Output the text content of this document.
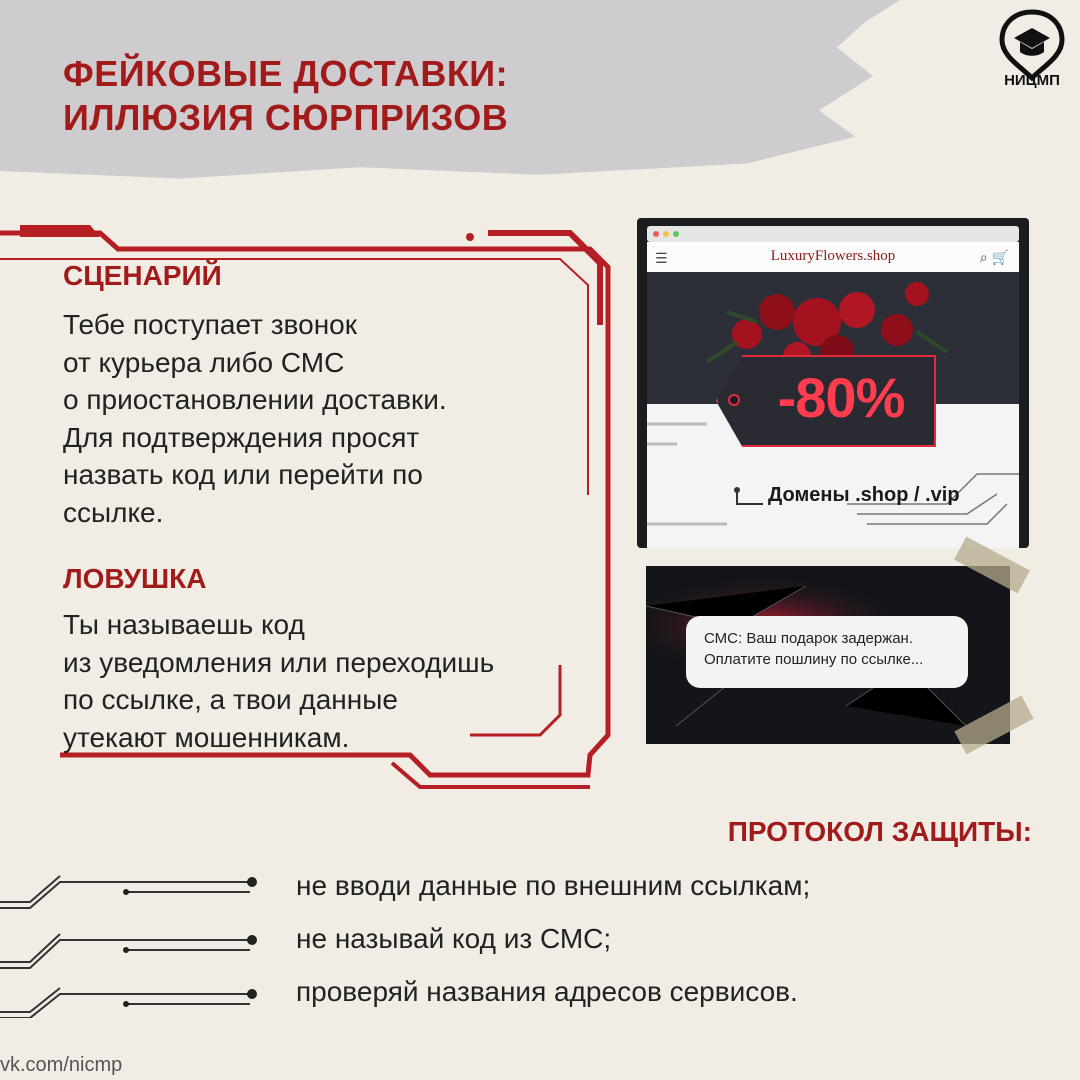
ФЕЙКОВЫЕ ДОСТАВКИ:
ИЛЛЮЗИЯ СЮРПРИЗОВ
НИЦМП
СЦЕНАРИЙ
Тебе поступает звонок
от курьера либо СМС
о приостановлении доставки.
Для подтверждения просят
назвать код или перейти по
ссылке.
ЛОВУШКА
Ты называешь код
из уведомления или переходишь
по ссылке, а твои данные
утекают мошенникам.
☰	LuxuryFlowers.shop	⌕ 🛒
-80%
Домены .shop / .vip
СМС: Ваш подарок задержан.
Оплатите пошлину по ссылке...
ПРОТОКОЛ ЗАЩИТЫ:
не вводи данные по внешним ссылкам;
не называй код из СМС;
проверяй названия адресов сервисов.
vk.com/nicmp
